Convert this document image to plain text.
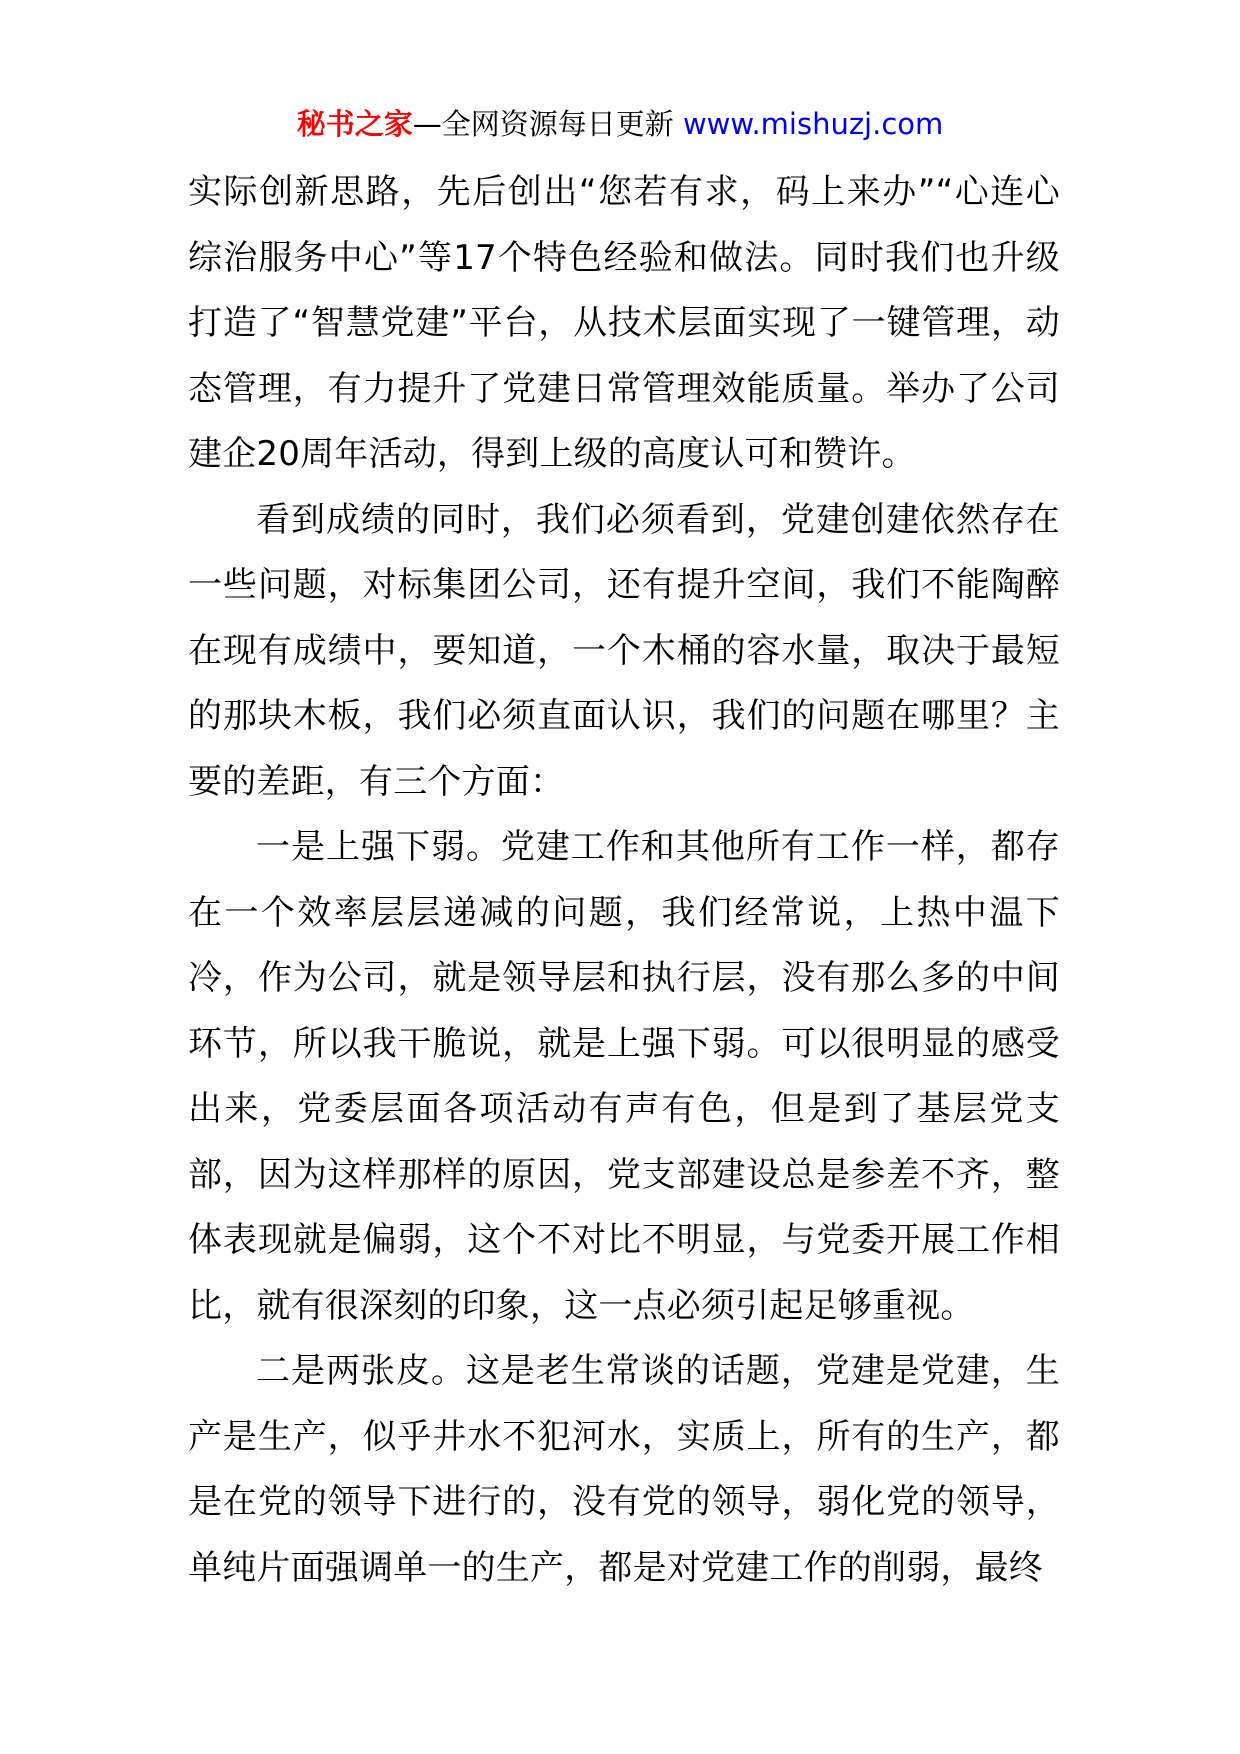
秘书之家—全网资源每日更新 www.mishuzj.com

实际创新思路，先后创出“您若有求，码上来办”“心连心综治服务中心”等17个特色经验和做法。同时我们也升级打造了“智慧党建”平台，从技术层面实现了一键管理，动态管理，有力提升了党建日常管理效能质量。举办了公司建企20周年活动，得到上级的高度认可和赞许。

看到成绩的同时，我们必须看到，党建创建依然存在一些问题，对标集团公司，还有提升空间，我们不能陶醉在现有成绩中，要知道，一个木桶的容水量，取决于最短的那块木板，我们必须直面认识，我们的问题在哪里？主要的差距，有三个方面：

一是上强下弱。党建工作和其他所有工作一样，都存在一个效率层层递减的问题，我们经常说，上热中温下冷，作为公司，就是领导层和执行层，没有那么多的中间环节，所以我干脆说，就是上强下弱。可以很明显的感受出来，党委层面各项活动有声有色，但是到了基层党支部，因为这样那样的原因，党支部建设总是参差不齐，整体表现就是偏弱，这个不对比不明显，与党委开展工作相比，就有很深刻的印象，这一点必须引起足够重视。

二是两张皮。这是老生常谈的话题，党建是党建，生产是生产，似乎井水不犯河水，实质上，所有的生产，都是在党的领导下进行的，没有党的领导，弱化党的领导，单纯片面强调单一的生产，都是对党建工作的削弱，最终
